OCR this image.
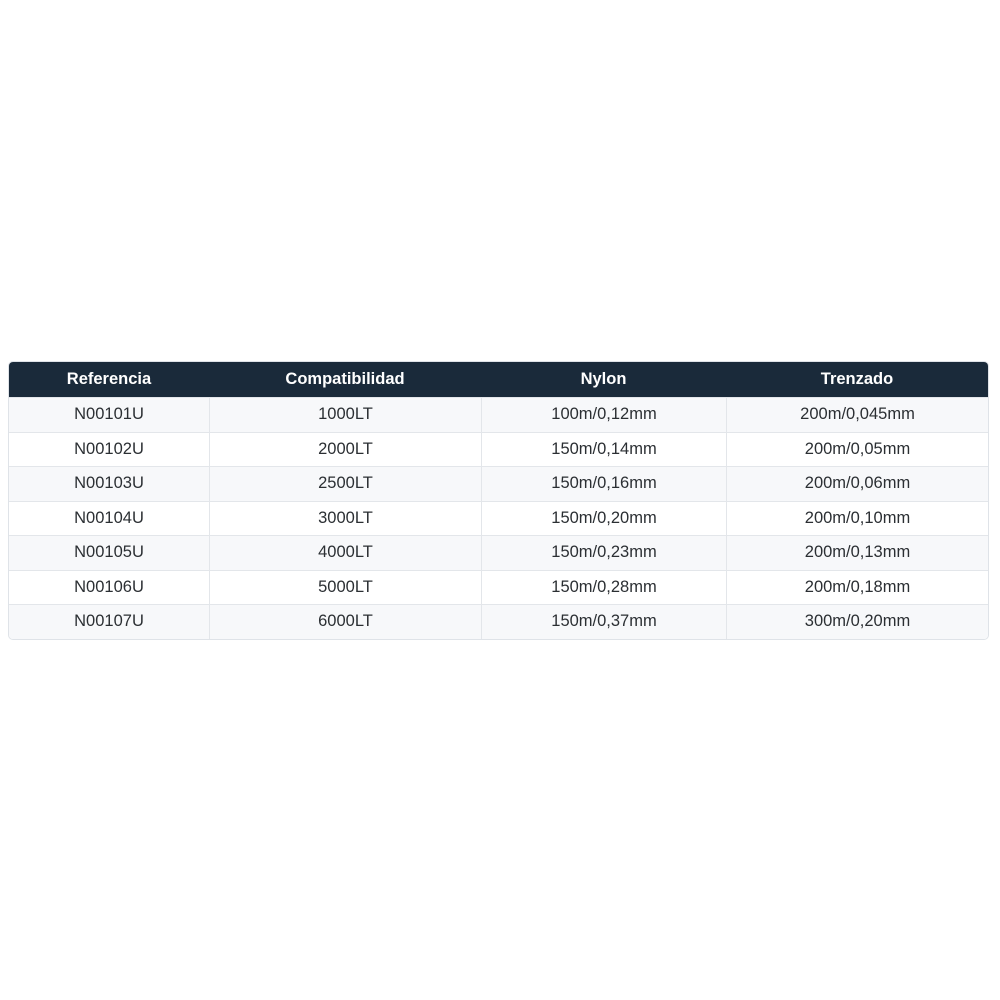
Referencia	Compatibilidad	Nylon	Trenzado
N00101U	1000LT	100m/0,12mm	200m/0,045mm
N00102U	2000LT	150m/0,14mm	200m/0,05mm
N00103U	2500LT	150m/0,16mm	200m/0,06mm
N00104U	3000LT	150m/0,20mm	200m/0,10mm
N00105U	4000LT	150m/0,23mm	200m/0,13mm
N00106U	5000LT	150m/0,28mm	200m/0,18mm
N00107U	6000LT	150m/0,37mm	300m/0,20mm
